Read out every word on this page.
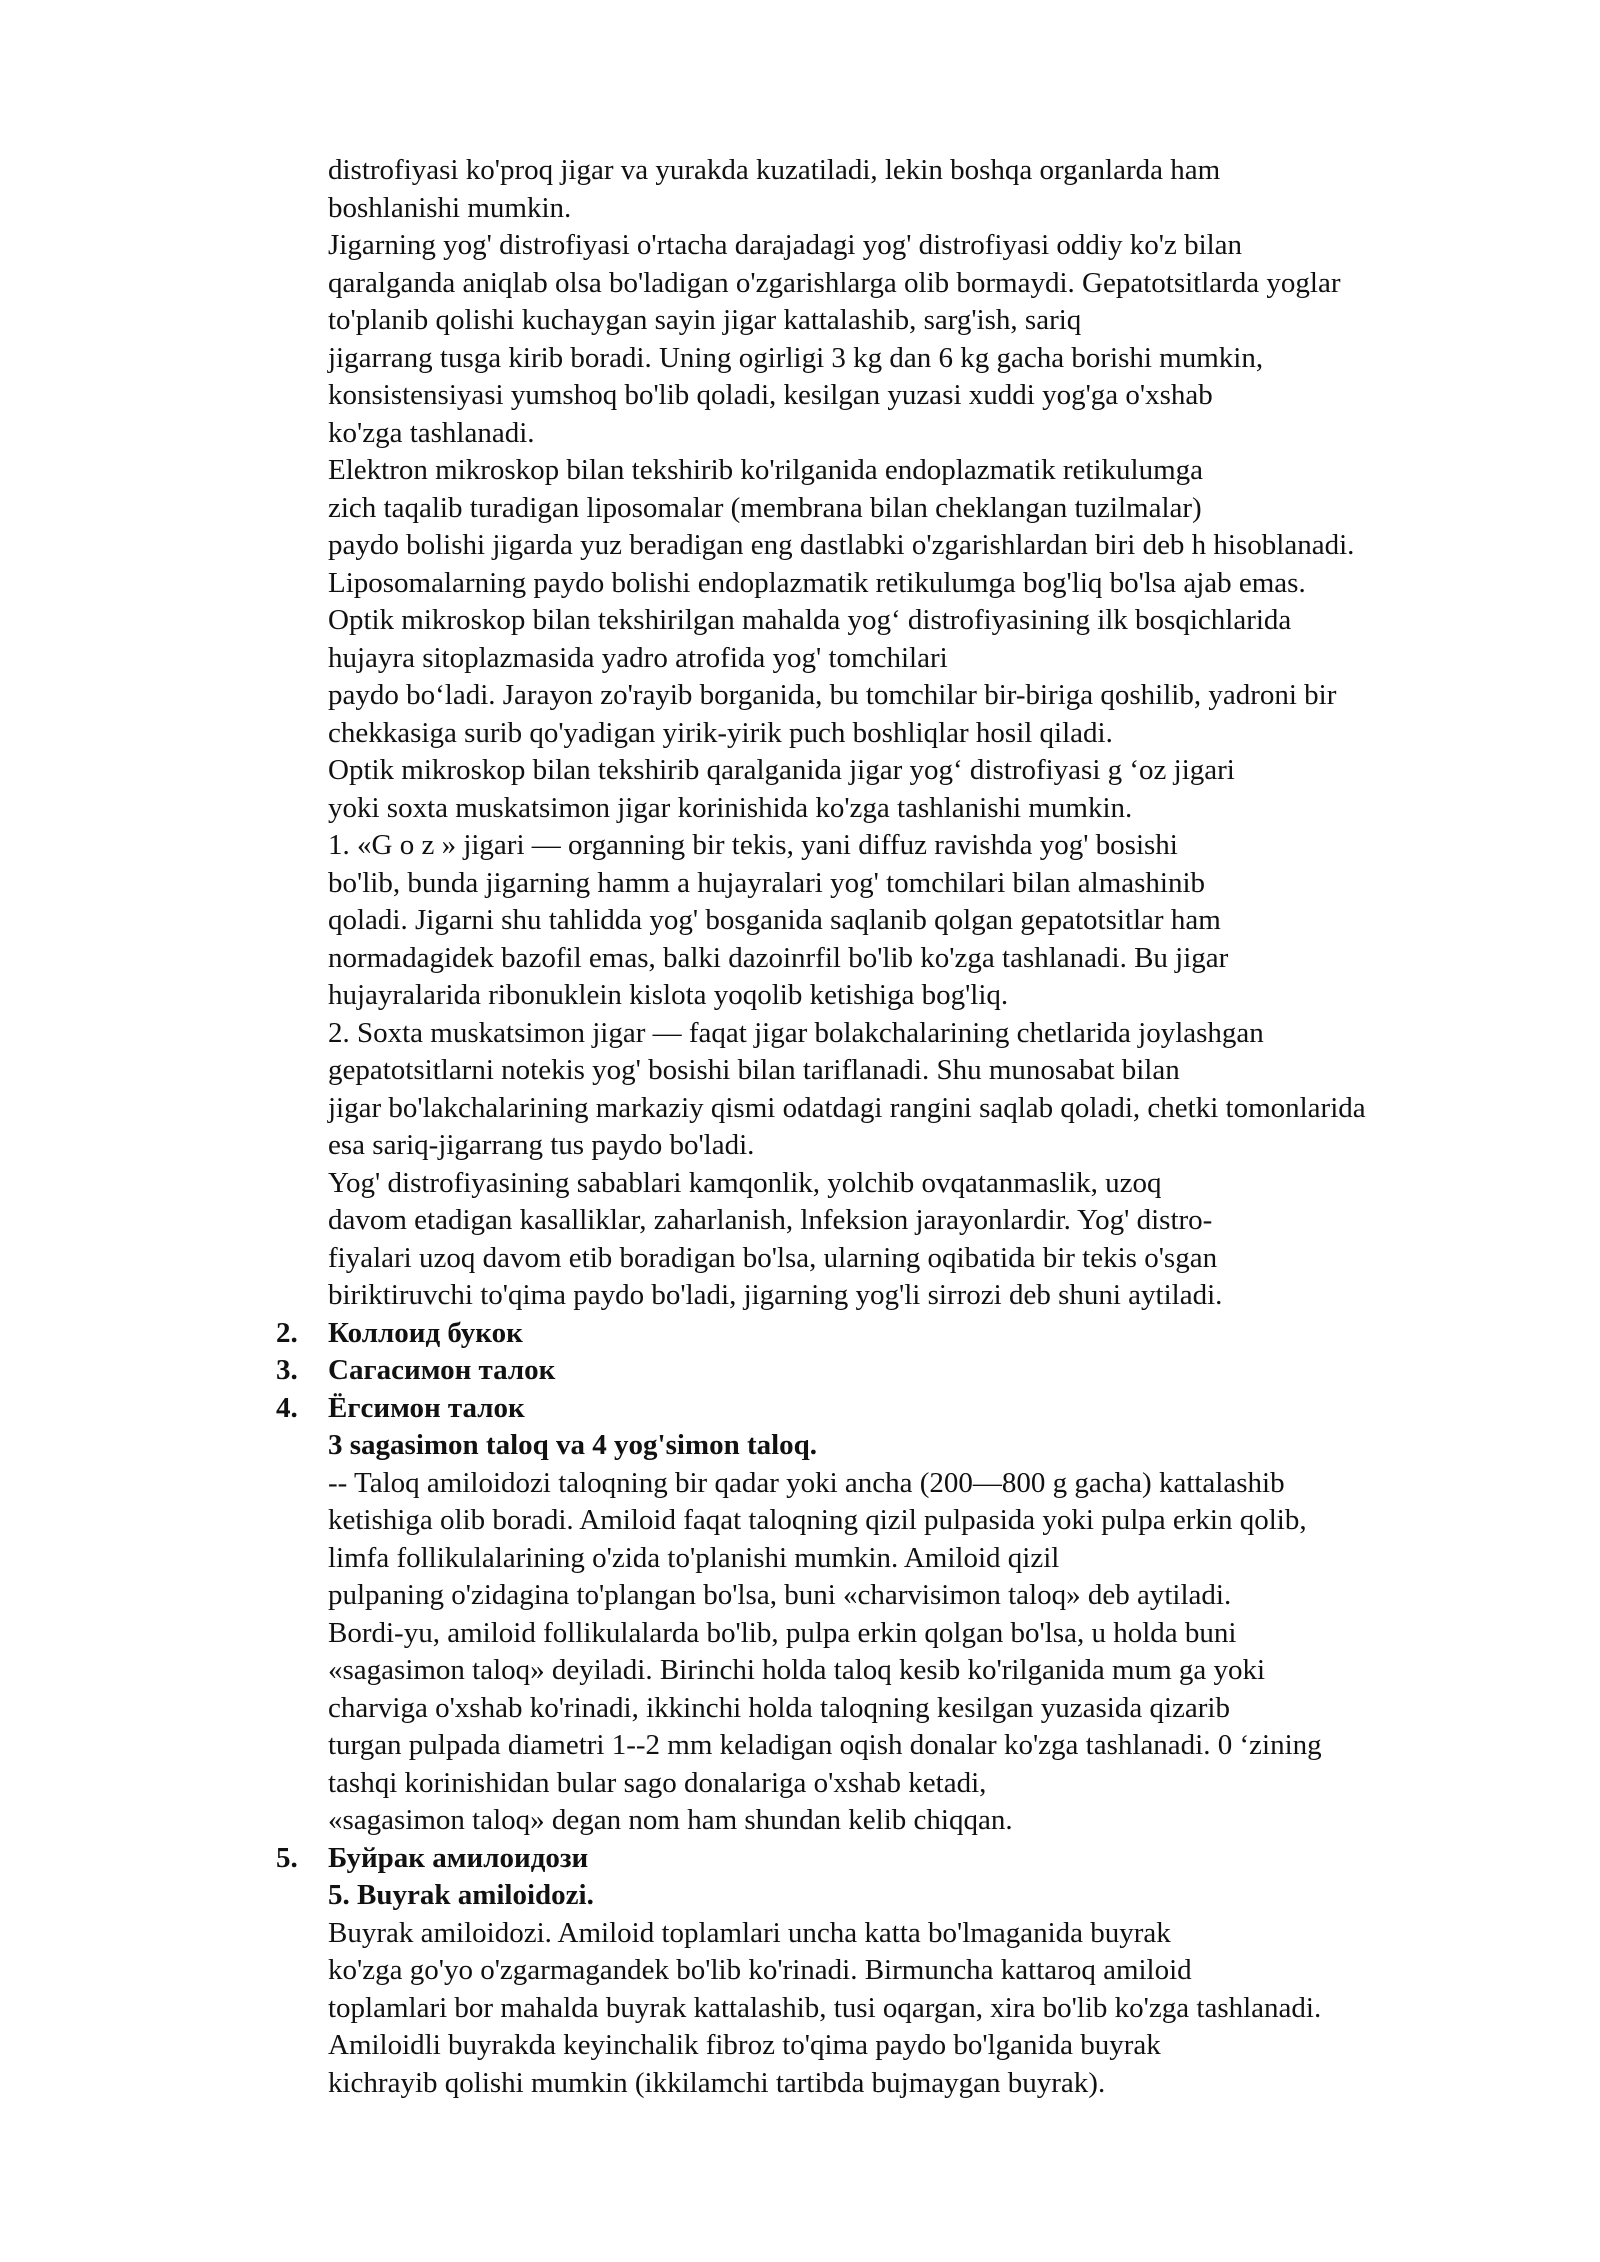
distrofiyasi ko'proq jigar va yurakda kuzatiladi, lekin boshqa organlarda ham
boshlanishi mumkin.
Jigarning yog' distrofiyasi o'rtacha darajadagi yog' distrofiyasi oddiy ko'z bilan
qaralganda aniqlab olsa bo'ladigan o'zgarishlarga olib bormaydi. Gepatotsitlarda yoglar
to'planib qolishi kuchaygan sayin jigar kattalashib, sarg'ish, sariq
jigarrang tusga kirib boradi. Uning ogirligi 3 kg dan 6 kg gacha borishi mumkin,
konsistensiyasi yumshoq bo'lib qoladi, kesilgan yuzasi xuddi yog'ga o'xshab
ko'zga tashlanadi.
Elektron mikroskop bilan tekshirib ko'rilganida endoplazmatik retikulumga
zich taqalib turadigan liposomalar (membrana bilan cheklangan tuzilmalar)
paydo bolishi jigarda yuz beradigan eng dastlabki o'zgarishlardan biri deb h hisoblanadi.
Liposomalarning paydo bolishi endoplazmatik retikulumga bog'liq bo'lsa ajab emas.
Optik mikroskop bilan tekshirilgan mahalda yog‘ distrofiyasining ilk bosqichlarida
hujayra sitoplazmasida yadro atrofida yog' tomchilari
paydo bo‘ladi. Jarayon zo'rayib borganida, bu tomchilar bir-biriga qoshilib, yadroni bir
chekkasiga surib qo'yadigan yirik-yirik puch boshliqlar hosil qiladi.
Optik mikroskop bilan tekshirib qaralganida jigar yog‘ distrofiyasi g ‘oz jigari
yoki soxta muskatsimon jigar korinishida ko'zga tashlanishi mumkin.
1. «G o z » jigari — organning bir tekis, yani diffuz ravishda yog' bosishi
bo'lib, bunda jigarning hamm a hujayralari yog' tomchilari bilan almashinib
qoladi. Jigarni shu tahlidda yog' bosganida saqlanib qolgan gepatotsitlar ham
normadagidek bazofil emas, balki dazoinrfil bo'lib ko'zga tashlanadi. Bu jigar
hujayralarida ribonuklein kislota yoqolib ketishiga bog'liq.
2. Soxta muskatsimon jigar — faqat jigar bolakchalarining chetlarida joylashgan
gepatotsitlarni notekis yog' bosishi bilan tariflanadi. Shu munosabat bilan
jigar bo'lakchalarining markaziy qismi odatdagi rangini saqlab qoladi, chetki tomonlarida
esa sariq-jigarrang tus paydo bo'ladi.
Yog' distrofiyasining sabablari kamqonlik, yolchib ovqatanmaslik, uzoq
davom etadigan kasalliklar, zaharlanish, lnfeksion jarayonlardir. Yog' distro-
fiyalari uzoq davom etib boradigan bo'lsa, ularning oqibatida bir tekis o'sgan
biriktiruvchi to'qima paydo bo'ladi, jigarning yog'li sirrozi deb shuni aytiladi.
2. Коллоид букок
3. Сагасимон талок
4. Ёгсимон талок
3 sagasimon taloq va 4 yog'simon taloq.
-- Taloq amiloidozi taloqning bir qadar yoki ancha (200—800 g gacha) kattalashib
ketishiga olib boradi. Amiloid faqat taloqning qizil pulpasida yoki pulpa erkin qolib,
limfa follikulalarining o'zida to'planishi mumkin. Amiloid qizil
pulpaning o'zidagina to'plangan bo'lsa, buni «charvisimon taloq» deb aytiladi.
Bordi-yu, amiloid follikulalarda bo'lib, pulpa erkin qolgan bo'lsa, u holda buni
«sagasimon taloq» deyiladi. Birinchi holda taloq kesib ko'rilganida mum ga yoki
charviga o'xshab ko'rinadi, ikkinchi holda taloqning kesilgan yuzasida qizarib
turgan pulpada diametri 1--2 mm keladigan oqish donalar ko'zga tashlanadi. 0 ‘zining
tashqi korinishidan bular sago donalariga o'xshab ketadi,
«sagasimon taloq» degan nom ham shundan kelib chiqqan.
5. Буйрак амилоидози
5. Buyrak amiloidozi.
Buyrak amiloidozi. Amiloid toplamlari uncha katta bo'lmaganida buyrak
ko'zga go'yo o'zgarmagandek bo'lib ko'rinadi. Birmuncha kattaroq amiloid
toplamlari bor mahalda buyrak kattalashib, tusi oqargan, xira bo'lib ko'zga tashlanadi.
Amiloidli buyrakda keyinchalik fibroz to'qima paydo bo'lganida buyrak
kichrayib qolishi mumkin (ikkilamchi tartibda bujmaygan buyrak).
